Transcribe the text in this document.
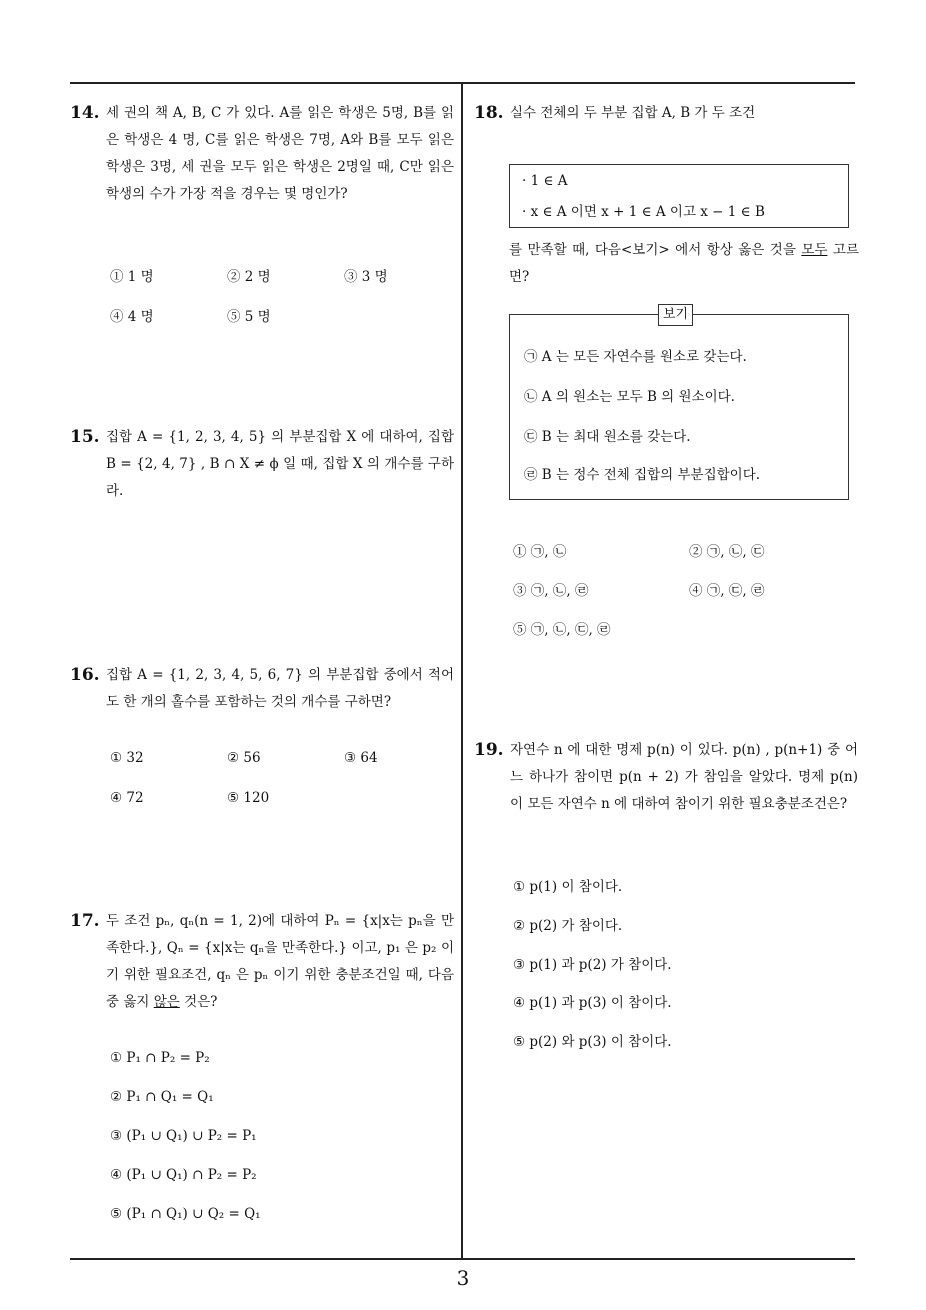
14. 세 권의 책 A, B, C 가 있다. A를 읽은 학생은 5명, B를 읽은 학생은 4 명, C를 읽은 학생은 7명, A와 B를 모두 읽은 학생은 3명, 세 권을 모두 읽은 학생은 2명일 때, C만 읽은 학생의 수가 가장 적을 경우는 몇 명인가?
① 1 명	② 2 명	③ 3 명
④ 4 명	⑤ 5 명
15. 집합 A = {1, 2, 3, 4, 5} 의 부분집합 X 에 대하여, 집합 B = {2, 4, 7} , B ∩ X ≠ ϕ 일 때, 집합 X 의 개수를 구하라.
16. 집합 A = {1, 2, 3, 4, 5, 6, 7} 의 부분집합 중에서 적어도 한 개의 홀수를 포함하는 것의 개수를 구하면?
① 32	② 56	③ 64
④ 72	⑤ 120
17. 두 조건 pₙ, qₙ(n = 1, 2)에 대하여 Pₙ = {x|x는 pₙ을 만족한다.}, Qₙ = {x|x는 qₙ을 만족한다.} 이고, p₁ 은 p₂ 이기 위한 필요조건, qₙ 은 pₙ 이기 위한 충분조건일 때, 다음 중 옳지 않은 것은?
① P₁ ∩ P₂ = P₂
② P₁ ∩ Q₁ = Q₁
③ (P₁ ∪ Q₁) ∪ P₂ = P₁
④ (P₁ ∪ Q₁) ∩ P₂ = P₂
⑤ (P₁ ∩ Q₁) ∪ Q₂ = Q₁
18. 실수 전체의 두 부분 집합 A, B 가 두 조건
· 1 ∈ A
· x ∈ A 이면 x + 1 ∈ A 이고 x − 1 ∈ B
를 만족할 때, 다음<보기> 에서 항상 옳은 것을 모두 고르면?
㉠ A 는 모든 자연수를 원소로 갖는다.
㉡ A 의 원소는 모두 B 의 원소이다.
㉢ B 는 최대 원소를 갖는다.
㉣ B 는 정수 전체 집합의 부분집합이다.
보기
① ㉠, ㉡	② ㉠, ㉡, ㉢
③ ㉠, ㉡, ㉣	④ ㉠, ㉢, ㉣
⑤ ㉠, ㉡, ㉢, ㉣
19. 자연수 n 에 대한 명제 p(n) 이 있다. p(n) , p(n+1) 중 어느 하나가 참이면 p(n + 2) 가 참임을 알았다. 명제 p(n) 이 모든 자연수 n 에 대하여 참이기 위한 필요충분조건은?
① p(1) 이 참이다.
② p(2) 가 참이다.
③ p(1) 과 p(2) 가 참이다.
④ p(1) 과 p(3) 이 참이다.
⑤ p(2) 와 p(3) 이 참이다.
3
